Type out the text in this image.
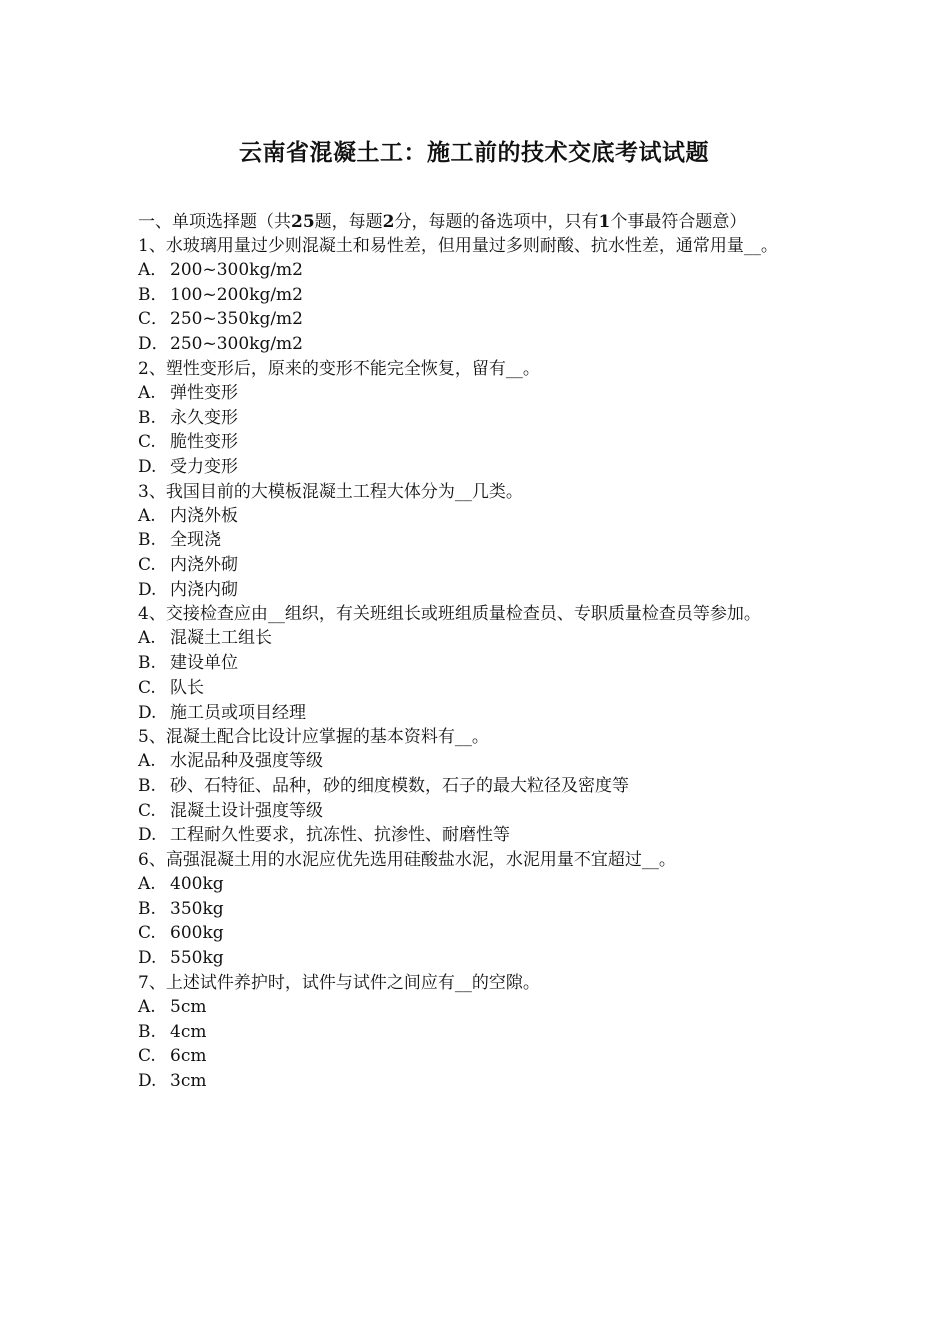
云南省混凝土工：施工前的技术交底考试试题

一、单项选择题（共25题，每题2分，每题的备选项中，只有1个事最符合题意）

1、水玻璃用量过少则混凝土和易性差，但用量过多则耐酸、抗水性差，通常用量__。

A． 200~300kg/m2

B． 100~200kg/m2

C． 250~350kg/m2

D．250~300kg/m2

2、塑性变形后，原来的变形不能完全恢复，留有__。

A. 弹性变形

B. 永久变形

C. 脆性变形

D. 受力变形

3、我国目前的大模板混凝土工程大体分为__几类。

A. 内浇外板

B. 全现浇

C. 内浇外砌

D. 内浇内砌

4、交接检查应由__组织，有关班组长或班组质量检查员、专职质量检查员等参加。

A. 混凝土工组长

B. 建设单位

C. 队长

D. 施工员或项目经理

5、混凝土配合比设计应掌握的基本资料有__。

A. 水泥品种及强度等级

B. 砂、石特征、品种，砂的细度模数，石子的最大粒径及密度等

C. 混凝土设计强度等级

D. 工程耐久性要求，抗冻性、抗渗性、耐磨性等

6、高强混凝土用的水泥应优先选用硅酸盐水泥，水泥用量不宜超过__。

A. 400kg

B. 350kg

C. 600kg

D. 550kg

7、上述试件养护时，试件与试件之间应有__的空隙。

A. 5cm

B. 4cm

C. 6cm

D. 3cm
